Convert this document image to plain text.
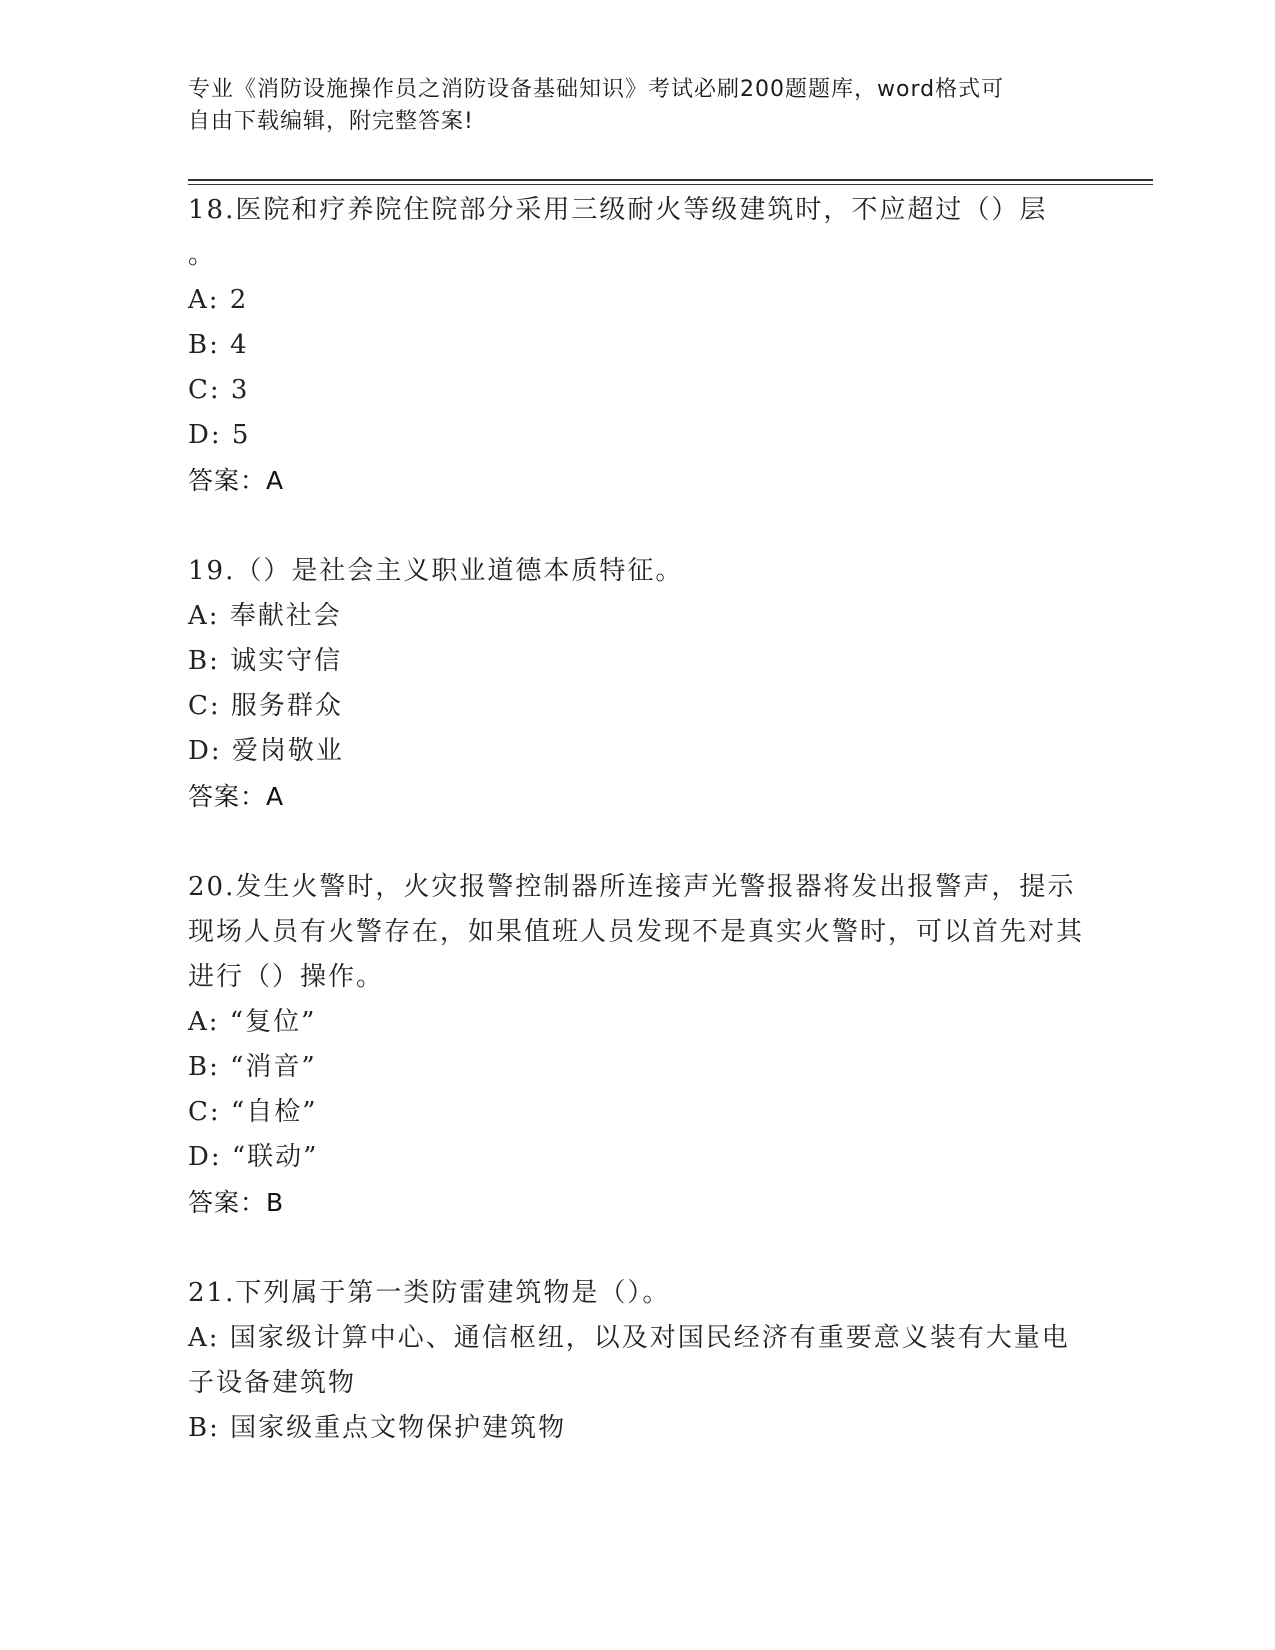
专业《消防设施操作员之消防设备基础知识》考试必刷200题题库，word格式可
自由下载编辑，附完整答案!
18.医院和疗养院住院部分采用三级耐火等级建筑时，不应超过（）层
。
A: 2
B: 4
C: 3
D: 5
答案：A
19.（）是社会主义职业道德本质特征。
A: 奉献社会
B: 诚实守信
C: 服务群众
D: 爱岗敬业
答案：A
20.发生火警时，火灾报警控制器所连接声光警报器将发出报警声，提示现场人员有火警存在，如果值班人员发现不是真实火警时，可以首先对其进行（）操作。
A: “复位”
B: “消音”
C: “自检”
D: “联动”
答案：B
21.下列属于第一类防雷建筑物是（）。
A: 国家级计算中心、通信枢纽，以及对国民经济有重要意义装有大量电子设备建筑物
B: 国家级重点文物保护建筑物
